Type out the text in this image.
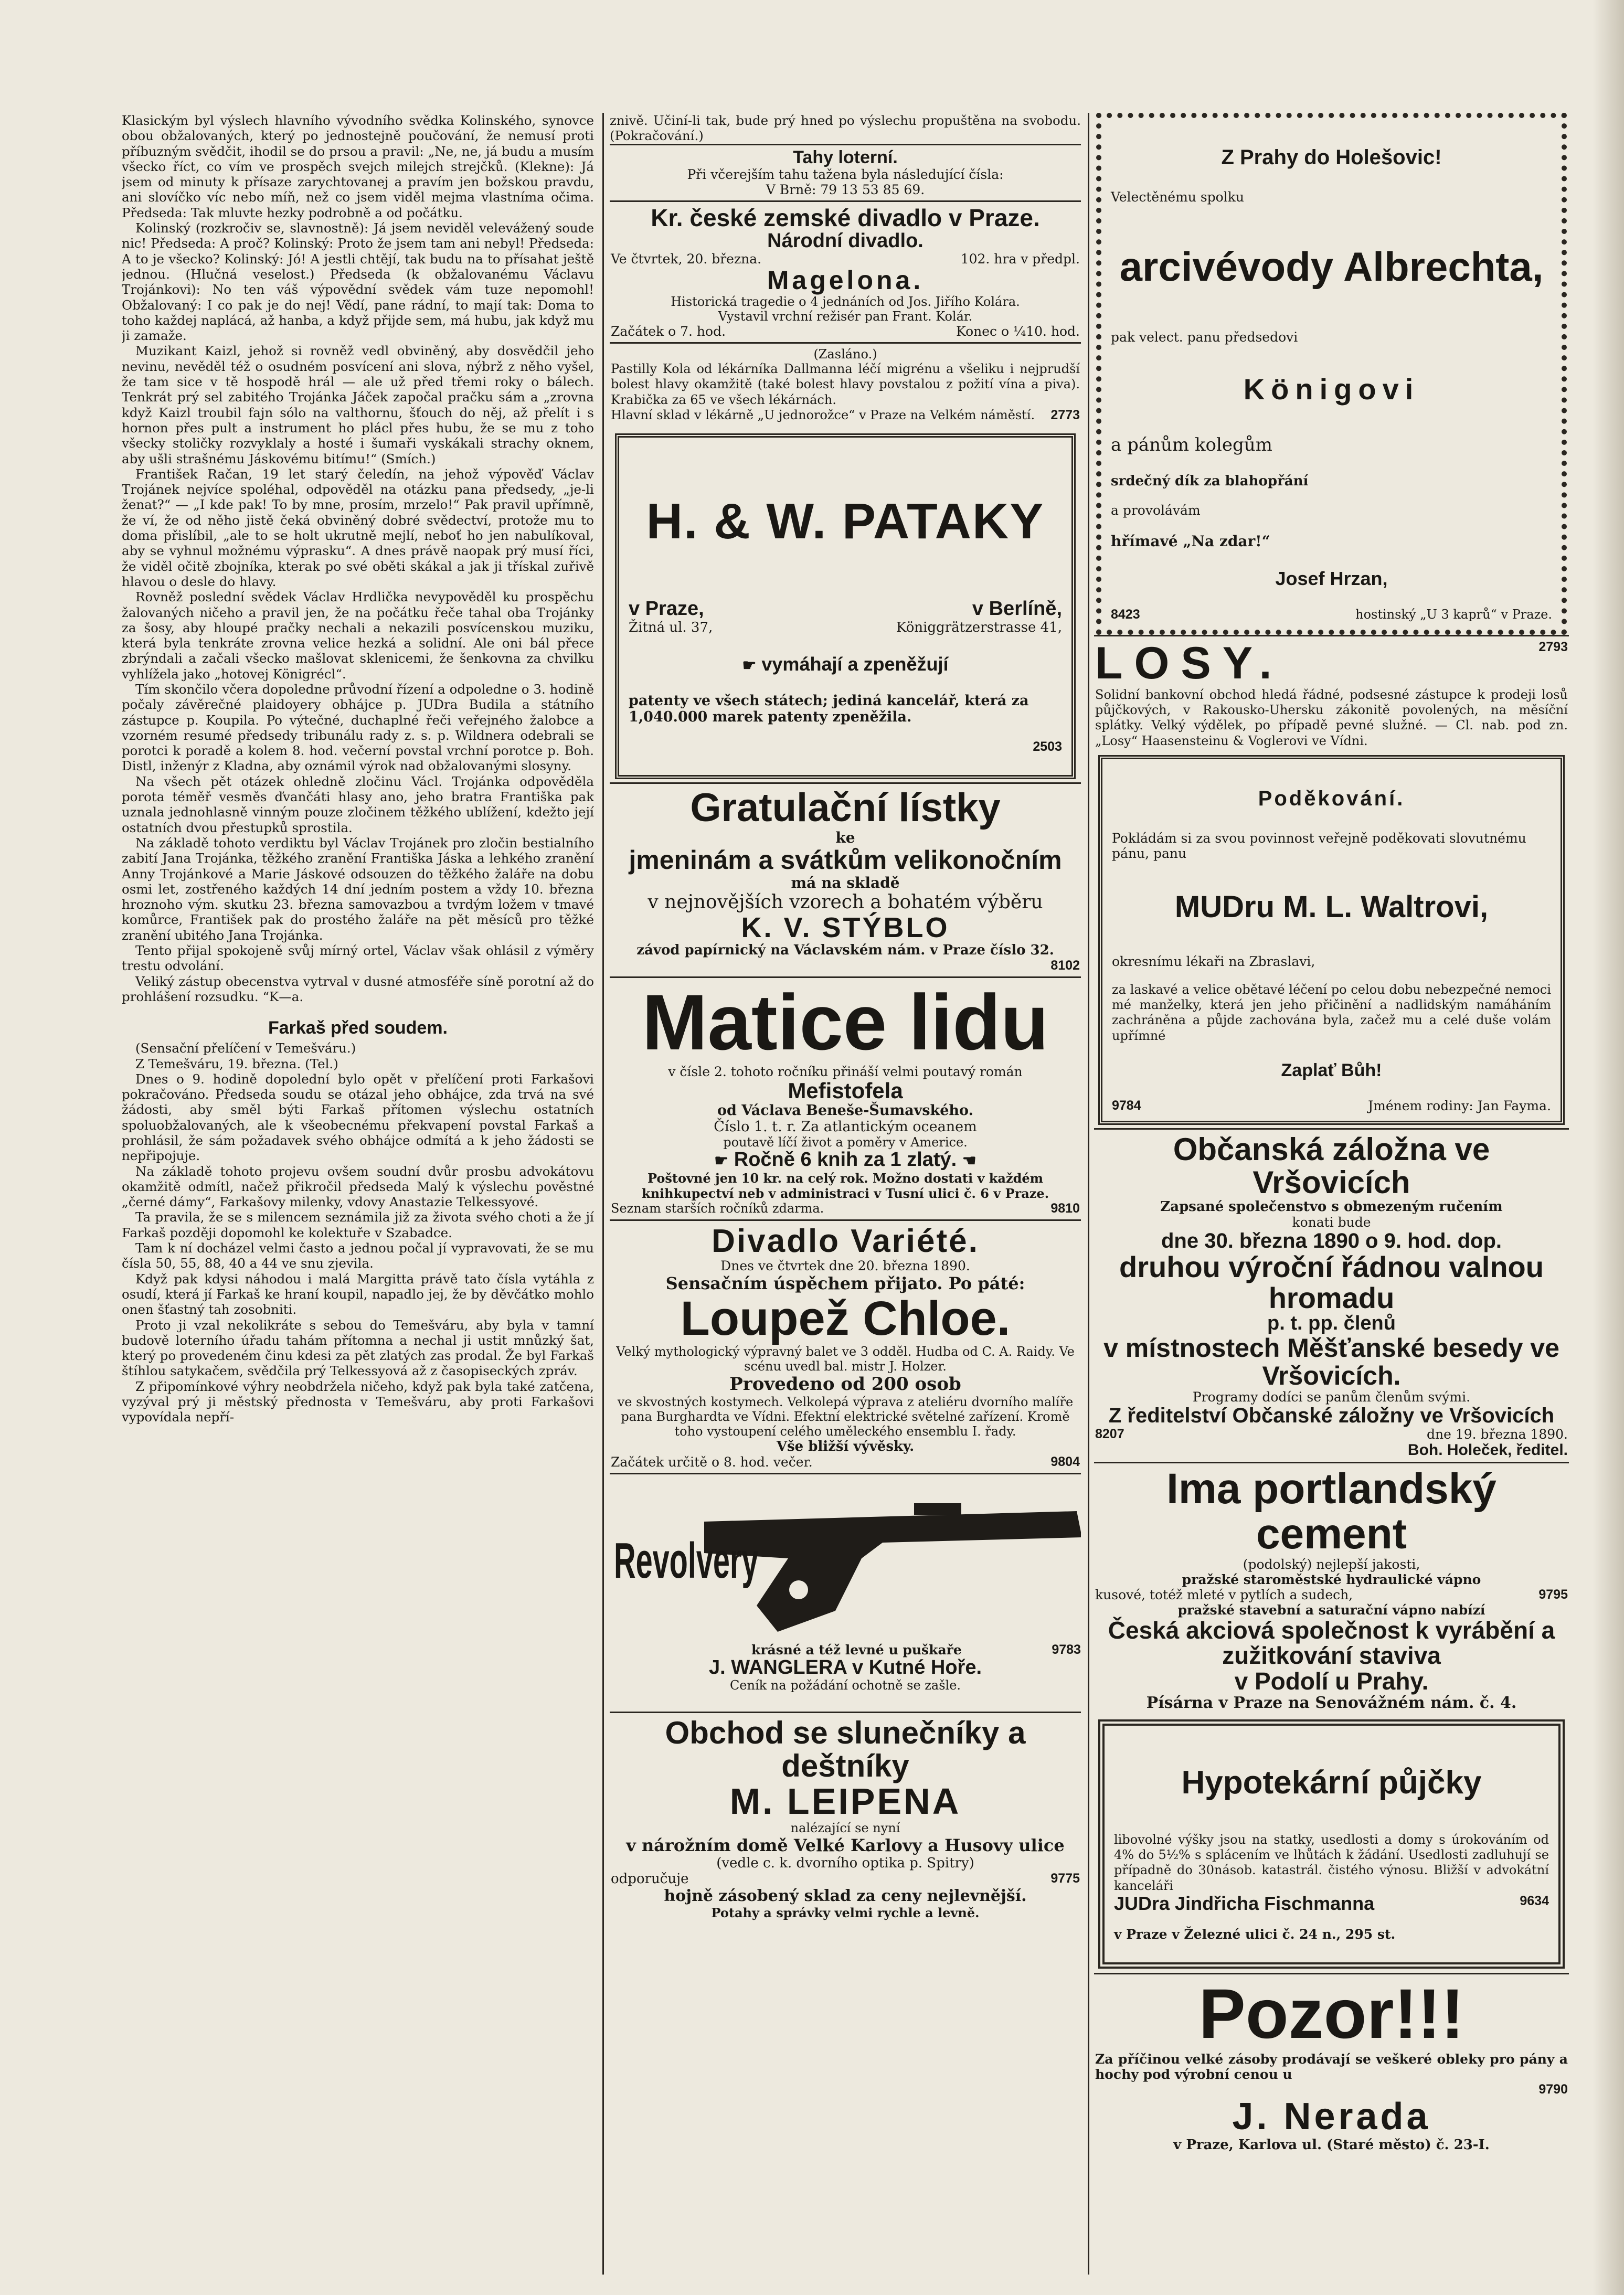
Klasickým byl výslech hlavního vývodního svědka Kolinského, synovce obou obžalovaných, který po jednostejně poučování, že nemusí proti příbuzným svědčit, ihodil se do prsou a pravil: „Ne, ne, já budu a musím všecko říct, co vím ve prospěch svejch milejch strejčků. (Klekne): Já jsem od minuty k přísaze zarychtovanej a pravím jen božskou pravdu, ani slovíčko víc nebo míň, než co jsem viděl mejma vlastníma očima. Předseda: Tak mluvte hezky podrobně a od počátku.

Kolinský (rozkročiv se, slavnostně): Já jsem neviděl velevážený soude nic! Předseda: A proč? Kolinský: Proto že jsem tam ani nebyl! Předseda: A to je všecko? Kolinský: Jó! A jestli chtějí, tak budu na to přísahat ještě jednou. (Hlučná veselost.) Předseda (k obžalovanému Václavu Trojánkovi): No ten váš výpovědní svědek vám tuze nepomohl! Obžalovaný: I co pak je do nej! Vědí, pane rádní, to mají tak: Doma to toho každej naplácá, až hanba, a když přijde sem, má hubu, jak když mu ji zamaže.

Muzikant Kaizl, jehož si rovněž vedl obviněný, aby dosvědčil jeho nevinu, nevěděl též o osudném posvícení ani slova, nýbrž z něho vyšel, že tam sice v tě hospodě hrál — ale už před třemi roky o bálech. Tenkrát prý sel zabitého Trojánka Jáček započal pračku sám a „zrovna když Kaizl troubil fajn sólo na valthornu, šťouch do něj, až přelít i s hornon přes pult a instrument ho plácl přes hubu, že se mu z toho všecky stoličky rozvyklaly a hosté i šumaři vyskákali strachy oknem, aby ušli strašnému Jáskovému bitímu!“ (Smích.)

František Račan, 19 let starý čeledín, na jehož výpověď Václav Trojánek nejvíce spoléhal, odpověděl na otázku pana předsedy, „je-li ženat?“ — „I kde pak! To by mne, prosím, mrzelo!“ Pak pravil upřímně, že ví, že od něho jistě čeká obviněný dobré svědectví, protože mu to doma přislíbil, „ale to se holt ukrutně mejlí, neboť ho jen nabulíkoval, aby se vyhnul možnému výprasku“. A dnes právě naopak prý musí říci, že viděl očitě zbojníka, kterak po své oběti skákal a jak ji třískal zuřivě hlavou o desle do hlavy.

Rovněž poslední svědek Václav Hrdlička nevypověděl ku prospěchu žalovaných ničeho a pravil jen, že na počátku řeče tahal oba Trojánky za šosy, aby hloupé pračky nechali a nekazili posvícenskou muziku, která byla tenkráte zrovna velice hezká a solidní. Ale oni bál přece zbrýndali a začali všecko mašlovat sklenicemi, že šenkovna za chvilku vyhlížela jako „hotovej Königrécl“.

Tím skončilo včera dopoledne průvodní řízení a odpoledne o 3. hodině počaly závěrečné plaidoyery obhájce p. JUDra Budila a státního zástupce p. Koupila. Po výtečné, duchaplné řeči veřejného žalobce a vzorném resumé předsedy tribunálu rady z. s. p. Wildnera odebrali se porotci k poradě a kolem 8. hod. večerní povstal vrchní porotce p. Boh. Distl, inženýr z Kladna, aby oznámil výrok nad obžalovanými slosyny.

Na všech pět otázek ohledně zločinu Václ. Trojánka odpověděla porota téměř vesměs ďvančáti hlasy ano, jeho bratra Františka pak uznala jednohlasně vinným pouze zločinem těžkého ublížení, kdežto její ostatních dvou přestupků sprostila.

Na základě tohoto verdiktu byl Václav Trojánek pro zločin bestialního zabití Jana Trojánka, těžkého zranění Františka Jáska a lehkého zranění Anny Trojánkové a Marie Jáskové odsouzen do těžkého žaláře na dobu osmi let, zostřeného každých 14 dní jedním postem a vždy 10. března hroznoho vým. skutku 23. března samovazbou a tvrdým ložem v tmavé komůrce, František pak do prostého žaláře na pět měsíců pro těžké zranění ubitého Jana Trojánka.

Tento přijal spokojeně svůj mírný ortel, Václav však ohlásil z výměry trestu odvolání.

Veliký zástup obecenstva vytrval v dusné atmosféře síně porotní až do prohlášení rozsudku. “K—a.

Farkaš před soudem.

(Sensační přelíčení v Temešváru.)

Z Temešváru, 19. března. (Tel.)

Dnes o 9. hodině dopolední bylo opět v přelíčení proti Farkašovi pokračováno. Předseda soudu se otázal jeho obhájce, zda trvá na své žádosti, aby směl býti Farkaš přítomen výslechu ostatních spoluobžalovaných, ale k všeobecnému překvapení povstal Farkaš a prohlásil, že sám požadavek svého obhájce odmítá a k jeho žádosti se nepřipojuje.

Na základě tohoto projevu ovšem soudní dvůr prosbu advokátovu okamžitě odmítl, načež přikročil předseda Malý k výslechu pověstné „černé dámy“, Farkašovy milenky, vdovy Anastazie Telkessyové.

Ta pravila, že se s milencem seznámila již za života svého choti a že jí Farkaš později dopomohl ke kolektuře v Szabadce.

Tam k ní docházel velmi často a jednou počal jí vypravovati, že se mu čísla 50, 55, 88, 40 a 44 ve snu zjevila.

Když pak kdysi náhodou i malá Margitta právě tato čísla vytáhla z osudí, která jí Farkaš ke hraní koupil, napadlo jej, že by děvčátko mohlo onen šťastný tah zosobniti.

Proto ji vzal nekolikráte s sebou do Temešváru, aby byla v tamní budově loterního úřadu tahám přítomna a nechal ji ustit mnůzký šat, který po provedeném činu kdesi za pět zlatých zas prodal. Že byl Farkaš štíhlou satykačem, svědčila prý Telkessyová až z časopiseckých zpráv.

Z připomínkové výhry neobdržela ničeho, když pak byla také zatčena, vyzýval prý ji městský přednosta v Temešváru, aby proti Farkašovi vypovídala nepří-

znivě. Učiní-li tak, bude prý hned po výslechu propuštěna na svobodu. (Pokračování.)

Tahy loterní.

Při včerejším tahu tažena byla následující čísla:

V Brně: 79 13 53 85 69.

Kr. české zemské divadlo v Praze.

Národní divadlo.

Ve čtvrtek, 20. března.	102. hra v předpl.

Magelona.

Historická tragedie o 4 jednáních od Jos. Jiřího Kolára.

Vystavil vrchní režisér pan Frant. Kolár.

Začátek o 7. hod.	Konec o ¼10. hod.

(Zasláno.)

Pastilly Kola od lékárníka Dallmanna léčí migrénu a všeliku i nejprudší bolest hlavy okamžitě (také bolest hlavy povstalou z požití vína a piva). Krabička za 65 ve všech lékárnách.

Hlavní sklad v lékárně „U jednorožce“ v Praze na Velkém náměstí. 2773

H. & W. PATAKY

v Praze,	v Berlíně,
Žitná ul. 37,	Königgrätzerstrasse 41,

☛ vymáhají a zpeněžují

patenty ve všech státech; jediná kancelář, která za 1,040.000 marek patenty zpeněžila.

2503

Gratulační lístky

ke

jmeninám a svátkům velikonočním

má na skladě

v nejnovějších vzorech a bohatém výběru

K. V. STÝBLO

závod papírnický na Václavském nám. v Praze číslo 32.

8102

Matice lidu

v čísle 2. tohoto ročníku přináší velmi poutavý román

Mefistofela

od Václava Beneše-Šumavského.

Číslo 1. t. r. Za atlantickým oceanem

poutavě líčí život a poměry v Americe.

☛ Ročně 6 knih za 1 zlatý. ☚

Poštovné jen 10 kr. na celý rok. Možno dostati v každém knihkupectví neb v administraci v Tusní ulici č. 6 v Praze.

Seznam starších ročníků zdarma.	9810

Divadlo Variété.

Dnes ve čtvrtek dne 20. března 1890.

Sensačním úspěchem přijato. Po páté:

Loupež Chloe.

Velký mythologický výpravný balet ve 3 odděl. Hudba od C. A. Raidy. Ve scénu uvedl bal. mistr J. Holzer.

Provedeno od 200 osob

ve skvostných kostymech. Velkolepá výprava z ateliéru dvorního malíře pana Burghardta ve Vídni. Efektní elektrické světelné zařízení. Kromě toho vystoupení celého uměleckého ensemblu I. řady.

Vše bližší vývěsky.

Začátek určitě o 8. hod. večer.	9804
Revolvery
krásné a též levné u puškaře	9783

J. WANGLERA v Kutné Hoře.

Ceník na požádání ochotně se zašle.

Obchod se slunečníky a deštníky

M. LEIPENA

nalézající se nyní

v nárožním domě Velké Karlovy a Husovy ulice

(vedle c. k. dvorního optika p. Spitry)

odporučuje	9775

hojně zásobený sklad za ceny nejlevnější.

Potahy a správky velmi rychle a levně.

Z Prahy do Holešovic!

Velectěnému spolku

arcivévody Albrechta,

pak velect. panu předsedovi

Königovi

a pánům kolegům

srdečný dík za blahopřání

a provolávám

hřímavé „Na zdar!“

Josef Hrzan,

8423	hostinský „U 3 kaprů“ v Praze.
LOSY.	2793

Solidní bankovní obchod hledá řádné, podsesné zástupce k prodeji losů půjčkových, v Rakousko-Uhersku zákonitě povolených, na měsíční splátky. Velký výdělek, po případě pevné služné. — Cl. nab. pod zn. „Losy“ Haasensteinu & Voglerovi ve Vídni.

Poděkování.

Pokládám si za svou povinnost veřejně poděkovati slovutnému pánu, panu

MUDru M. L. Waltrovi,

okresnímu lékaři na Zbraslavi,

za laskavé a velice obětavé léčení po celou dobu nebezpečné nemoci mé manželky, která jen jeho přičinění a nadlidským namáháním zachráněna a půjde zachována byla, začež mu a celé duše volám upřímné

Zaplať Bůh!

9784	Jménem rodiny: Jan Fayma.

Občanská záložna ve Vršovicích

Zapsané společenstvo s obmezeným ručením

konati bude

dne 30. března 1890 o 9. hod. dop.

druhou výroční řádnou valnou hromadu

p. t. pp. členů

v místnostech Měšťanské besedy ve Vršovicích.

Programy dodíci se panům členům svými.

Z ředitelství Občanské záložny ve Vršovicích

8207	dne 19. března 1890.

Boh. Holeček, ředitel.

Ima portlandský cement

(podolský) nejlepší jakosti,

pražské staroměstské hydraulické vápno

kusové, totéž mleté v pytlích a sudech,	9795

pražské stavební a saturační vápno nabízí

Česká akciová společnost k vyrábění a zužitkování staviva

v Podolí u Prahy.

Písárna v Praze na Senovážném nám. č. 4.

Hypotekární půjčky

libovolné výšky jsou na statky, usedlosti a domy s úrokováním od 4% do 5½% s splácením ve lhůtách k žádání. Usedlosti zadluhují se případně do 30násob. katastrál. čistého výnosu. Bližší v advokátní kanceláři

JUDra Jindřicha Fischmanna	9634

v Praze v Železné ulici č. 24 n., 295 st.

Pozor!!!

Za příčinou velké zásoby prodávají se veškeré obleky pro pány a hochy pod výrobní cenou u

9790

J. Nerada

v Praze, Karlova ul. (Staré město) č. 23-I.
